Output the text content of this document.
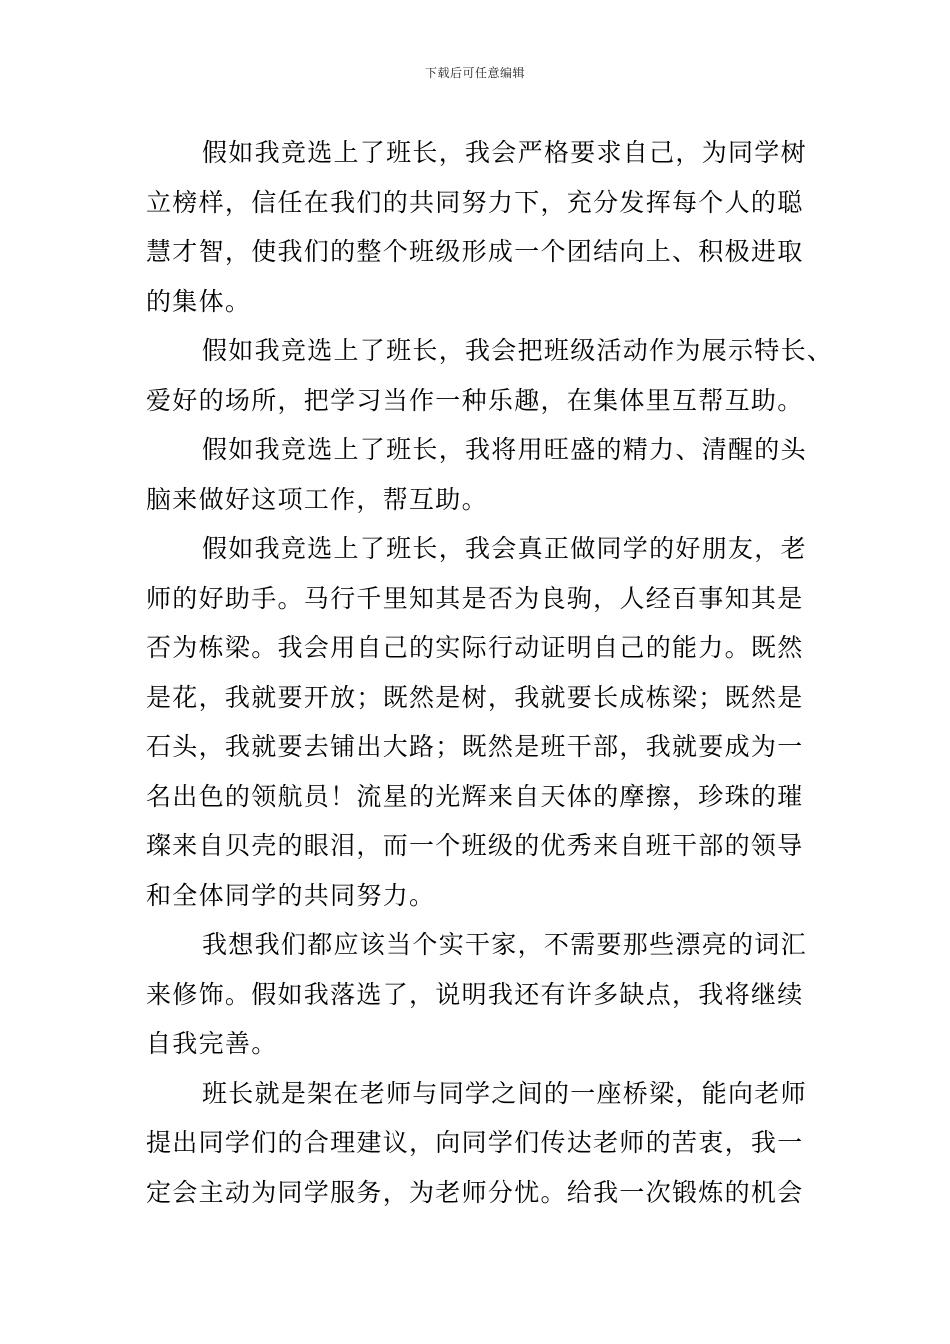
下载后可任意编辑
假如我竞选上了班长，我会严格要求自己，为同学树
立榜样，信任在我们的共同努力下，充分发挥每个人的聪
慧才智，使我们的整个班级形成一个团结向上、积极进取
的集体。
假如我竞选上了班长，我会把班级活动作为展示特长、
爱好的场所，把学习当作一种乐趣，在集体里互帮互助。
假如我竞选上了班长，我将用旺盛的精力、清醒的头
脑来做好这项工作，帮互助。
假如我竞选上了班长，我会真正做同学的好朋友，老
师的好助手。马行千里知其是否为良驹，人经百事知其是
否为栋梁。我会用自己的实际行动证明自己的能力。既然
是花，我就要开放；既然是树，我就要长成栋梁；既然是
石头，我就要去铺出大路；既然是班干部，我就要成为一
名出色的领航员！流星的光辉来自天体的摩擦，珍珠的璀
璨来自贝壳的眼泪，而一个班级的优秀来自班干部的领导
和全体同学的共同努力。
我想我们都应该当个实干家，不需要那些漂亮的词汇
来修饰。假如我落选了，说明我还有许多缺点，我将继续
自我完善。
班长就是架在老师与同学之间的一座桥梁，能向老师
提出同学们的合理建议，向同学们传达老师的苦衷，我一
定会主动为同学服务，为老师分忧。给我一次锻炼的机会
